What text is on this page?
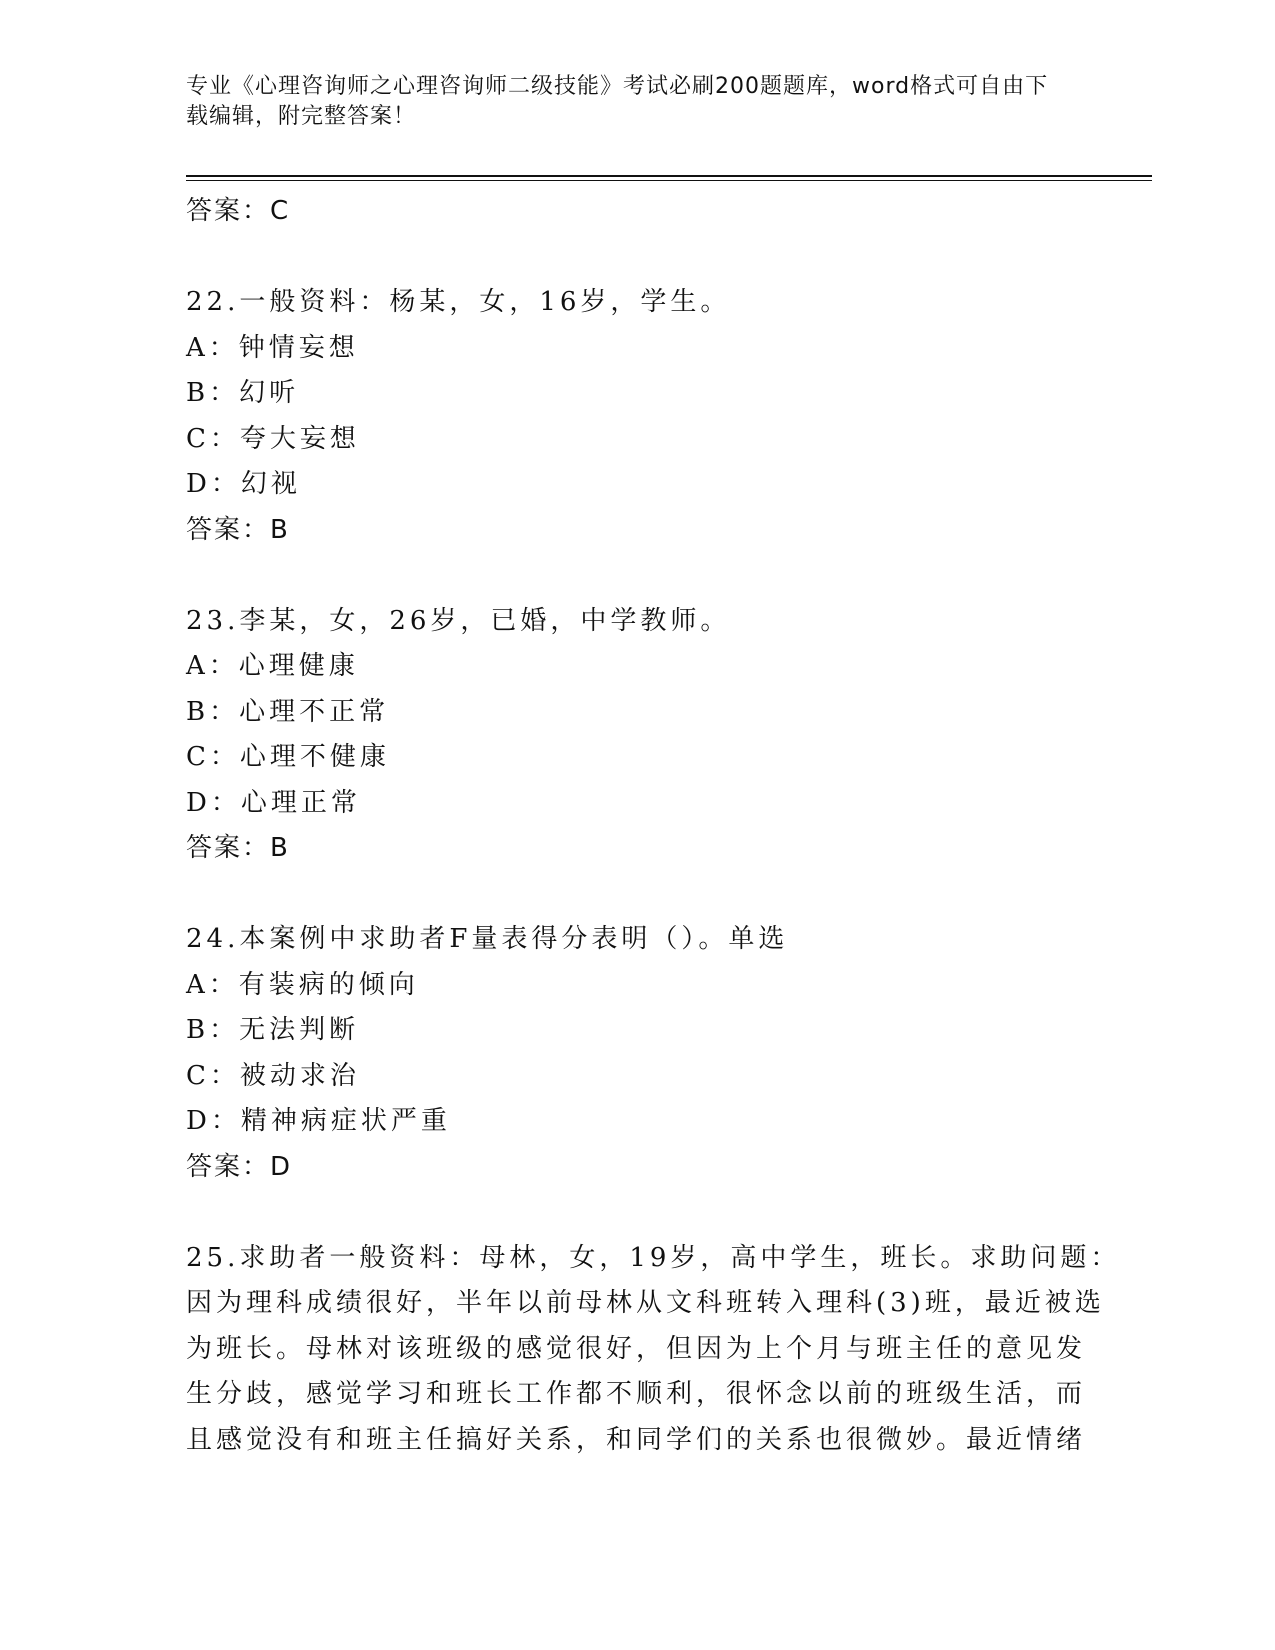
专业《心理咨询师之心理咨询师二级技能》考试必刷200题题库，word格式可自由下载编辑，附完整答案！
答案：C
22.一般资料：杨某，女，16岁，学生。
A：钟情妄想
B：幻听
C：夸大妄想
D：幻视
答案：B
23.李某，女，26岁，已婚，中学教师。
A：心理健康
B：心理不正常
C：心理不健康
D：心理正常
答案：B
24.本案例中求助者F量表得分表明（）。单选
A：有装病的倾向
B：无法判断
C：被动求治
D：精神病症状严重
答案：D
25.求助者一般资料：母林，女，19岁，高中学生，班长。求助问题：
因为理科成绩很好，半年以前母林从文科班转入理科(3)班，最近被选
为班长。母林对该班级的感觉很好，但因为上个月与班主任的意见发
生分歧，感觉学习和班长工作都不顺利，很怀念以前的班级生活，而
且感觉没有和班主任搞好关系，和同学们的关系也很微妙。最近情绪
